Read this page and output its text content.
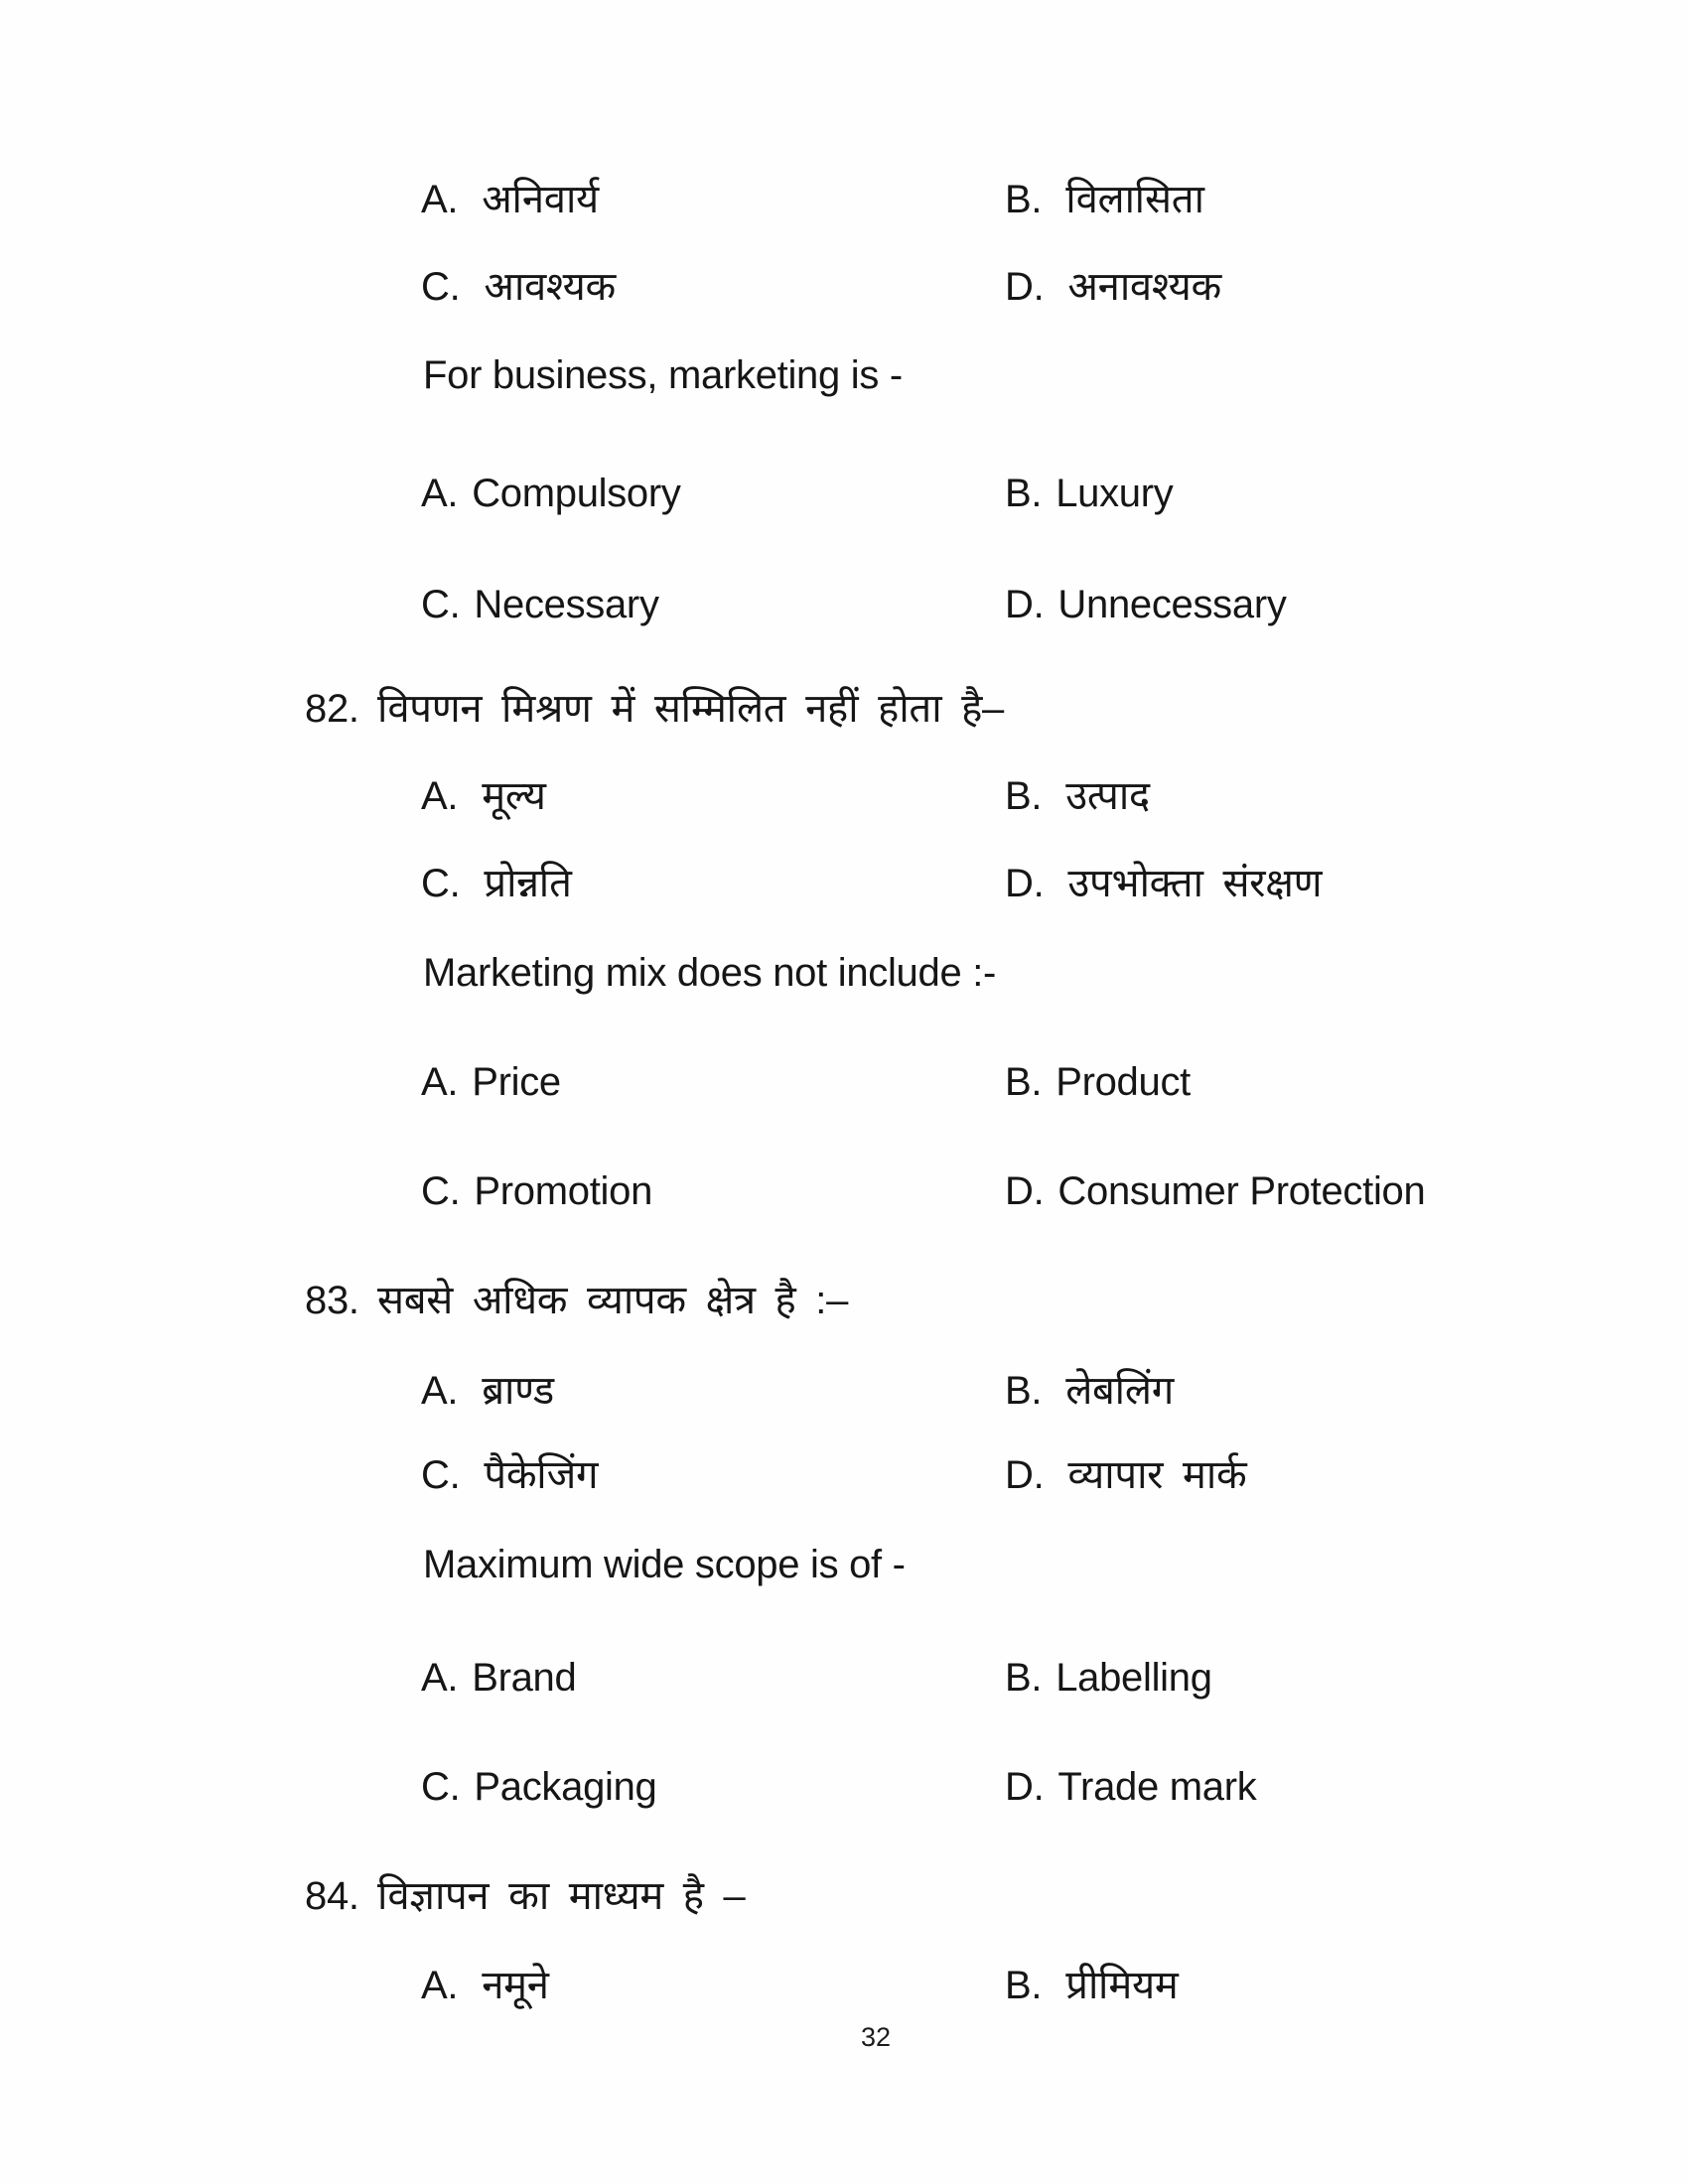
A. अनिवार्य	B. विलासिता
C. आवश्यक	D. अनावश्यक
For business, marketing is -
A. Compulsory	B. Luxury
C. Necessary	D. Unnecessary
82. विपणन मिश्रण में सम्मिलित नहीं होता है–
A. मूल्य	B. उत्पाद
C. प्रोन्नति	D. उपभोक्ता संरक्षण
Marketing mix does not include :-
A. Price	B. Product
C. Promotion	D. Consumer Protection
83. सबसे अधिक व्यापक क्षेत्र है :–
A. ब्राण्ड	B. लेबलिंग
C. पैकेजिंग	D. व्यापार मार्क
Maximum wide scope is of -
A. Brand	B. Labelling
C. Packaging	D. Trade mark
84. विज्ञापन का माध्यम है –
A. नमूने	B. प्रीमियम
32
